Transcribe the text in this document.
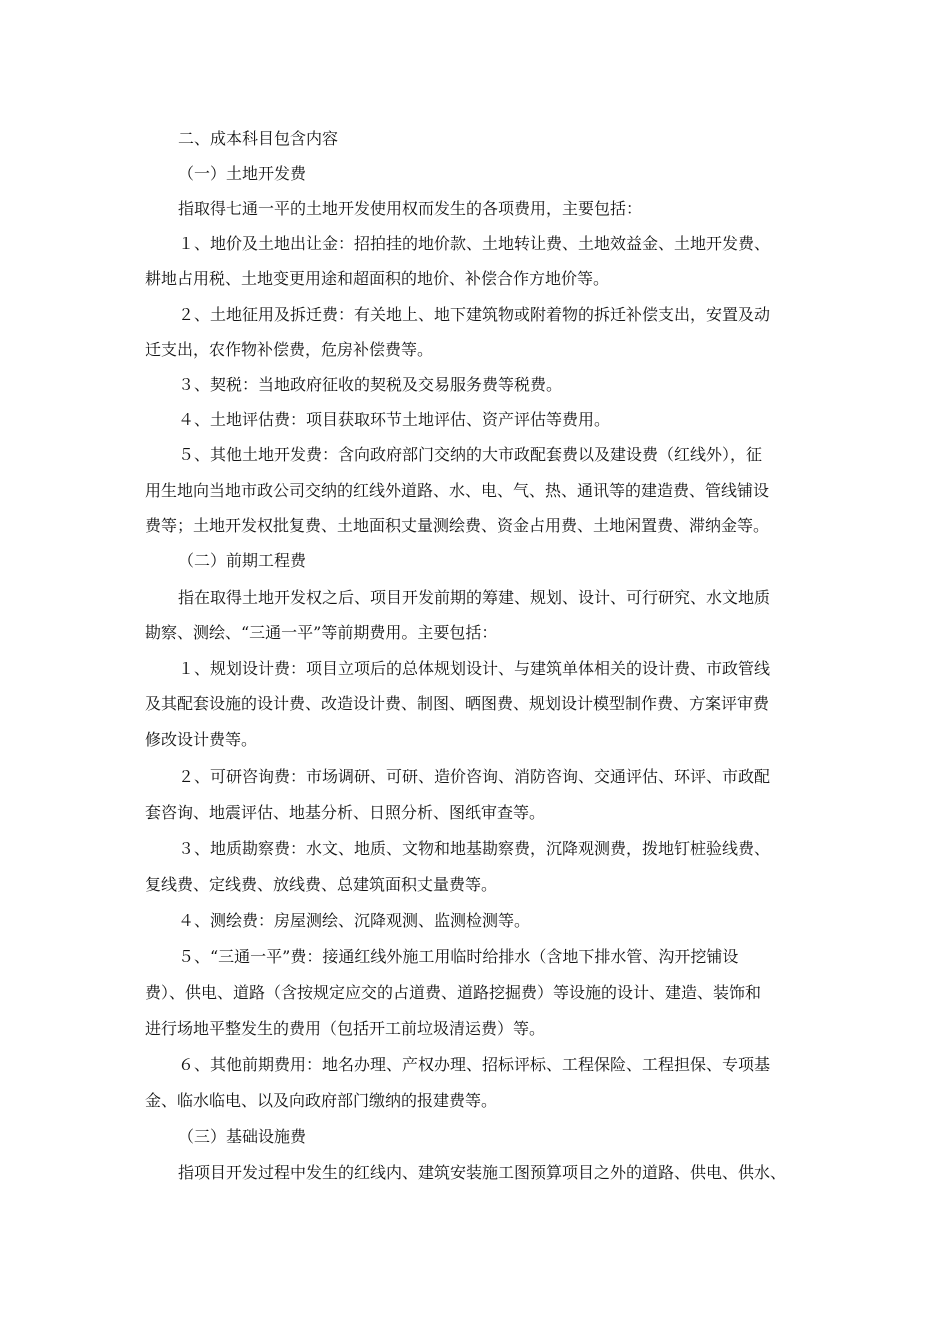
二、成本科目包含内容
（一）土地开发费
指取得七通一平的土地开发使用权而发生的各项费用，主要包括：
１、地价及土地出让金：招拍挂的地价款、土地转让费、土地效益金、土地开发费、
耕地占用税、土地变更用途和超面积的地价、补偿合作方地价等。
２、土地征用及拆迁费：有关地上、地下建筑物或附着物的拆迁补偿支出，安置及动
迁支出，农作物补偿费，危房补偿费等。
３、契税：当地政府征收的契税及交易服务费等税费。
４、土地评估费：项目获取环节土地评估、资产评估等费用。
５、其他土地开发费：含向政府部门交纳的大市政配套费以及建设费（红线外），征
用生地向当地市政公司交纳的红线外道路、水、电、气、热、通讯等的建造费、管线铺设
费等；土地开发权批复费、土地面积丈量测绘费、资金占用费、土地闲置费、滞纳金等。
（二）前期工程费
指在取得土地开发权之后、项目开发前期的筹建、规划、设计、可行研究、水文地质
勘察、测绘、“三通一平”等前期费用。主要包括：
１、规划设计费：项目立项后的总体规划设计、与建筑单体相关的设计费、市政管线
及其配套设施的设计费、改造设计费、制图、晒图费、规划设计模型制作费、方案评审费
修改设计费等。
２、可研咨询费：市场调研、可研、造价咨询、消防咨询、交通评估、环评、市政配
套咨询、地震评估、地基分析、日照分析、图纸审查等。
３、地质勘察费：水文、地质、文物和地基勘察费，沉降观测费，拨地钉桩验线费、
复线费、定线费、放线费、总建筑面积丈量费等。
４、测绘费：房屋测绘、沉降观测、监测检测等。
５、“三通一平”费：接通红线外施工用临时给排水（含地下排水管、沟开挖铺设
费）、供电、道路（含按规定应交的占道费、道路挖掘费）等设施的设计、建造、装饰和
进行场地平整发生的费用（包括开工前垃圾清运费）等。
６、其他前期费用：地名办理、产权办理、招标评标、工程保险、工程担保、专项基
金、临水临电、以及向政府部门缴纳的报建费等。
（三）基础设施费
指项目开发过程中发生的红线内、建筑安装施工图预算项目之外的道路、供电、供水、
